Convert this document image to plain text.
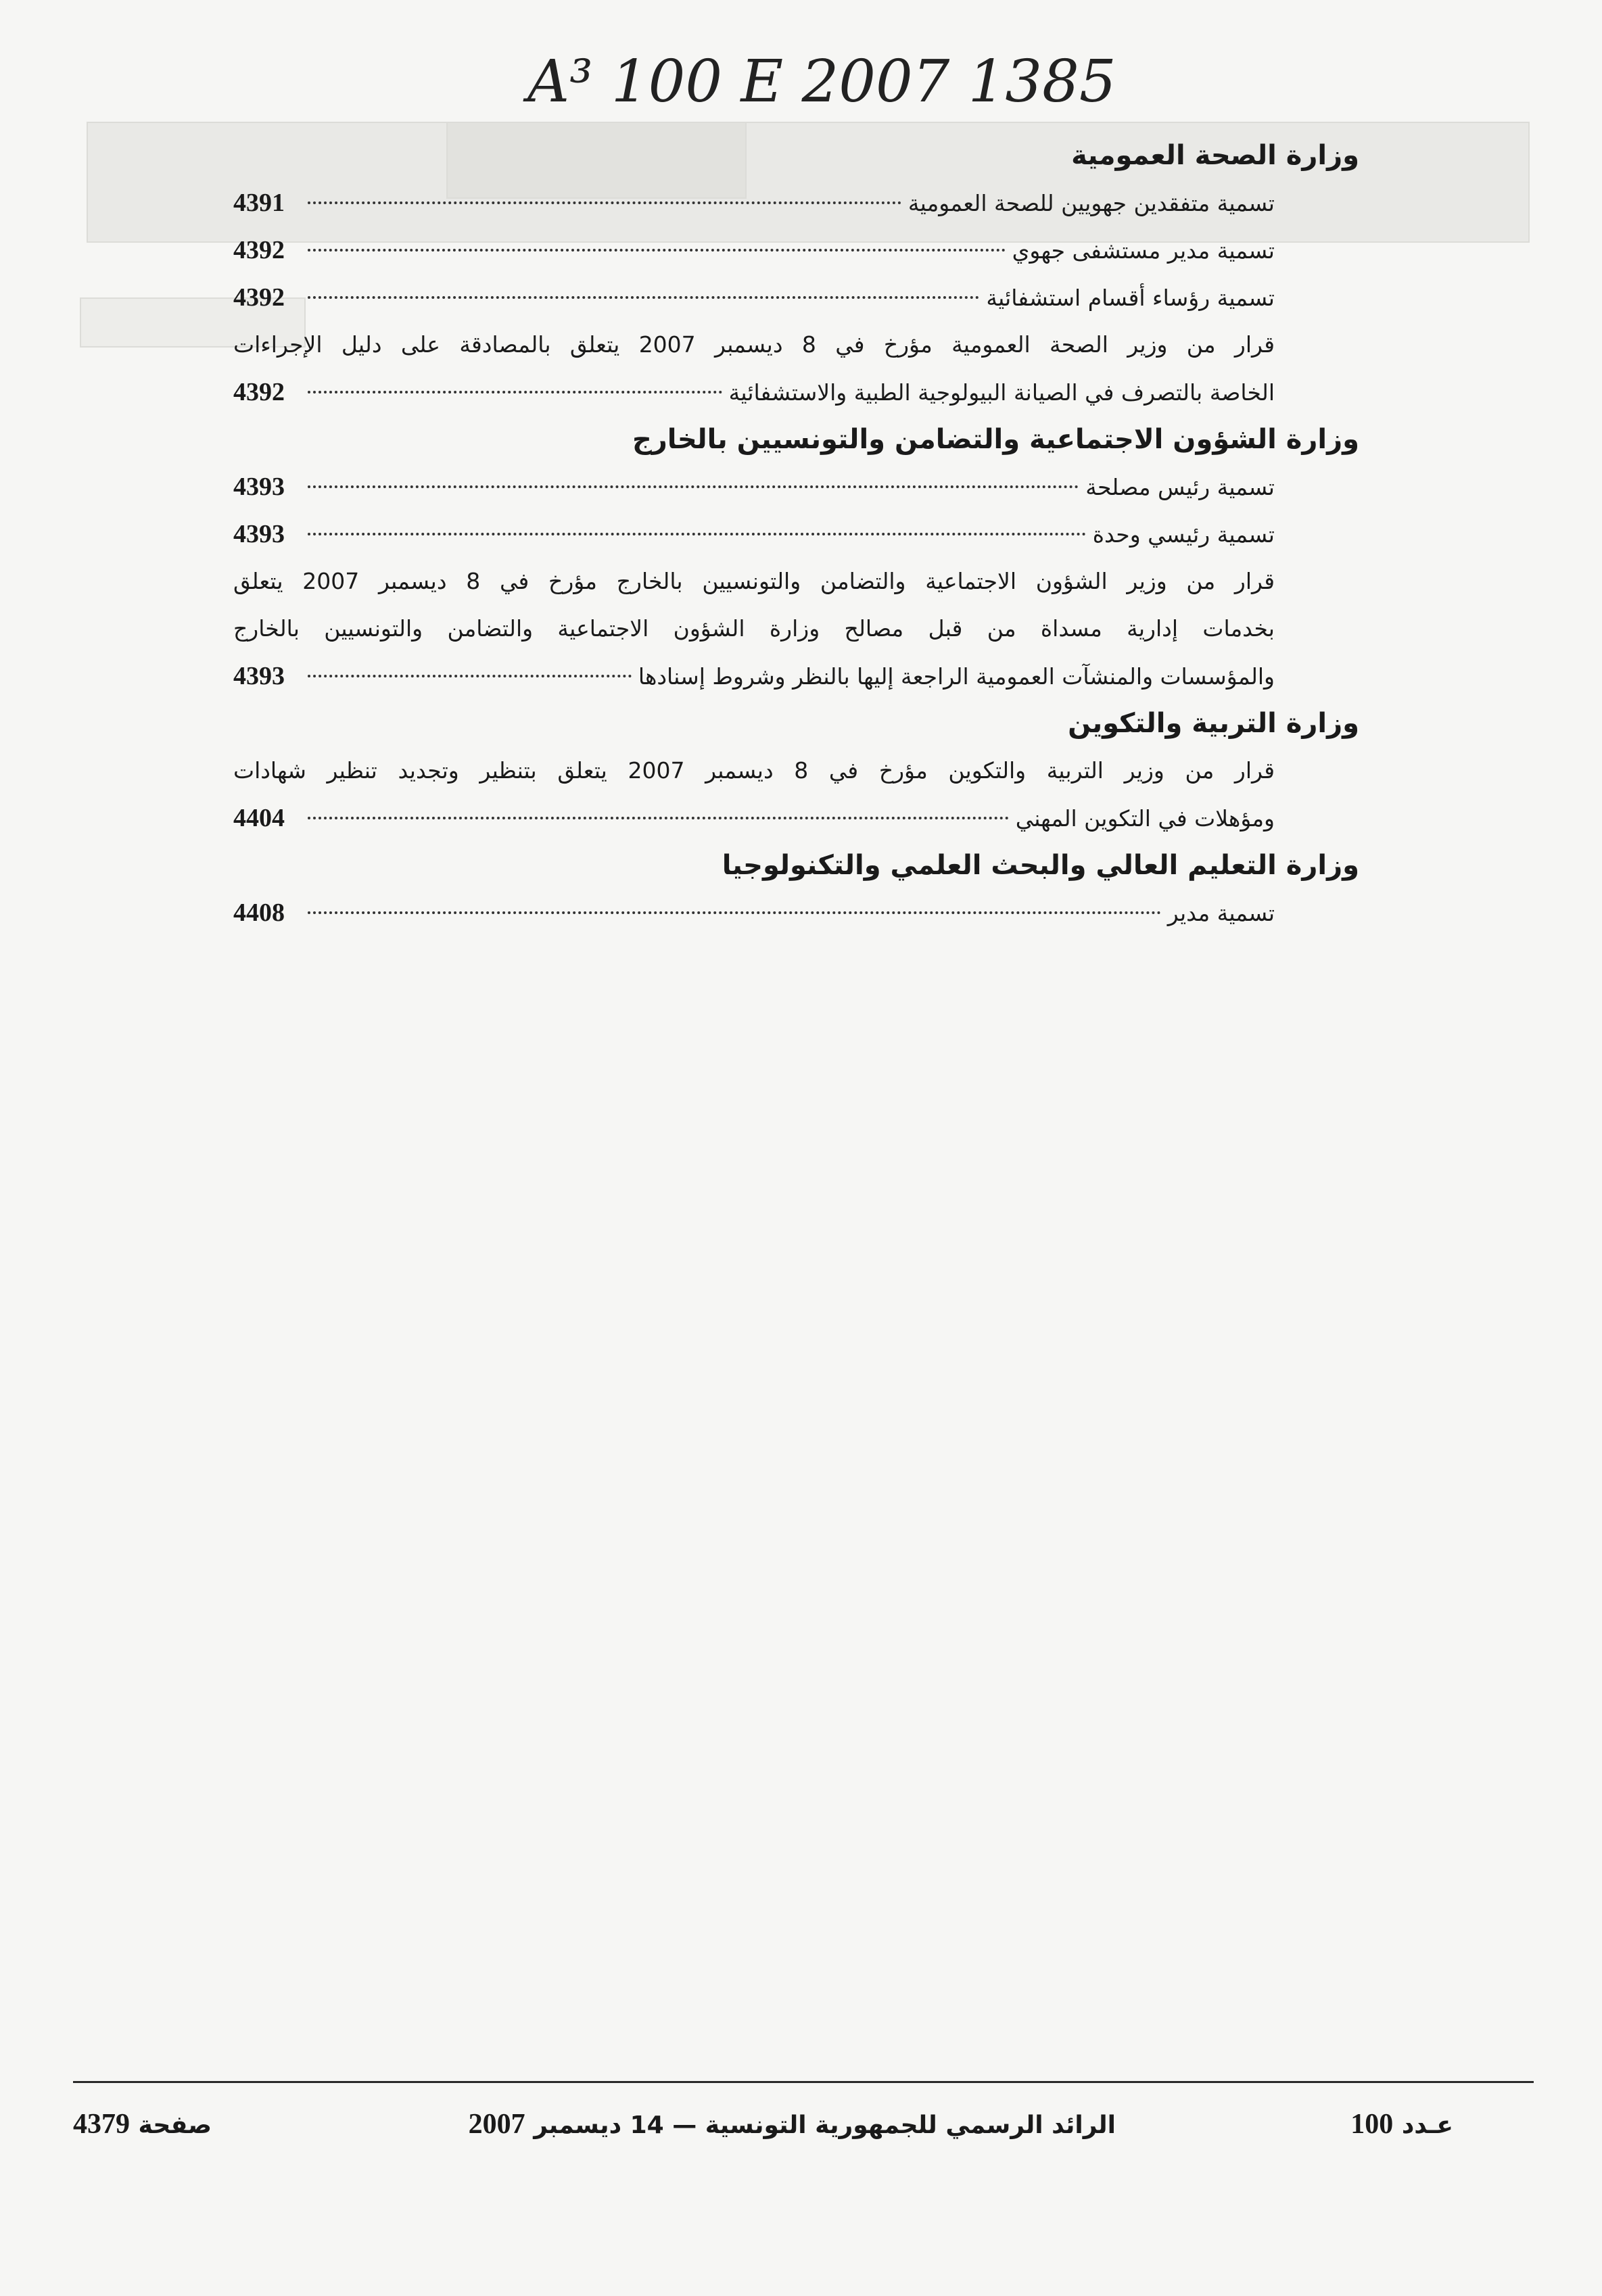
A³ 100 E 2007 1385
وزارة الصحة العمومية
تسمية متفقدين جهويين للصحة العمومية
4391
تسمية مدير مستشفى جهوي
4392
تسمية رؤساء أقسام استشفائية
4392
قرار من وزير الصحة العمومية مؤرخ في 8 ديسمبر 2007 يتعلق بالمصادقة على دليل الإجراءات
الخاصة بالتصرف في الصيانة البيولوجية الطبية والاستشفائية
4392
وزارة الشؤون الاجتماعية والتضامن والتونسيين بالخارج
تسمية رئيس مصلحة
4393
تسمية رئيسي وحدة
4393
قرار من وزير الشؤون الاجتماعية والتضامن والتونسيين بالخارج مؤرخ في 8 ديسمبر 2007 يتعلق
بخدمات إدارية مسداة من قبل مصالح وزارة الشؤون الاجتماعية والتضامن والتونسيين بالخارج
والمؤسسات والمنشآت العمومية الراجعة إليها بالنظر وشروط إسنادها
4393
وزارة التربية والتكوين
قرار من وزير التربية والتكوين مؤرخ في 8 ديسمبر 2007 يتعلق بتنظير وتجديد تنظير شهادات
ومؤهلات في التكوين المهني
4404
وزارة التعليم العالي والبحث العلمي والتكنولوجيا
تسمية مدير
4408
عـدد 100
الرائد الرسمي للجمهورية التونسية — 14 ديسمبر 2007
صفحة 4379
